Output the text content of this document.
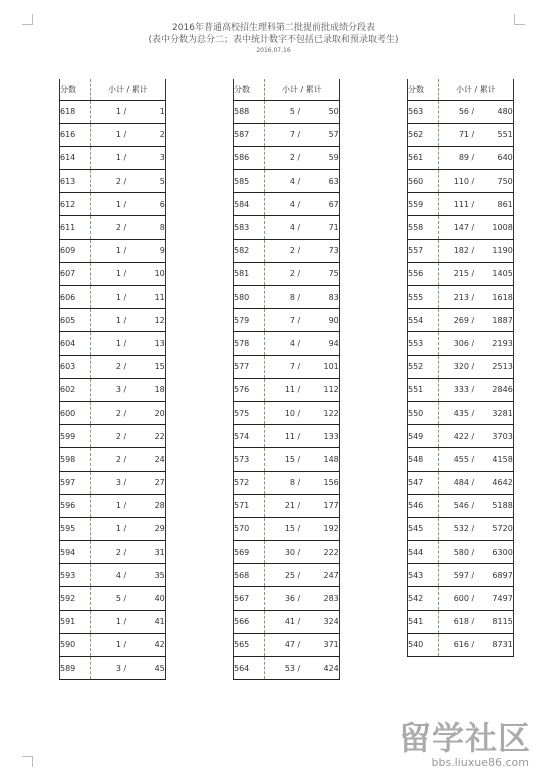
2016年普通高校招生理科第二批提前批成绩分段表
(表中分数为总分二；表中统计数字不包括已录取和预录取考生)
2016.07.16
分数	小计 / 累计
618	1 / 1
616	1 / 2
614	1 / 3
613	2 / 5
612	1 / 6
611	2 / 8
609	1 / 9
607	1 / 10
606	1 / 11
605	1 / 12
604	1 / 13
603	2 / 15
602	3 / 18
600	2 / 20
599	2 / 22
598	2 / 24
597	3 / 27
596	1 / 28
595	1 / 29
594	2 / 31
593	4 / 35
592	5 / 40
591	1 / 41
590	1 / 42
589	3 / 45
分数	小计 / 累计
588	5 / 50
587	7 / 57
586	2 / 59
585	4 / 63
584	4 / 67
583	4 / 71
582	2 / 73
581	2 / 75
580	8 / 83
579	7 / 90
578	4 / 94
577	7 / 101
576	11 / 112
575	10 / 122
574	11 / 133
573	15 / 148
572	8 / 156
571	21 / 177
570	15 / 192
569	30 / 222
568	25 / 247
567	36 / 283
566	41 / 324
565	47 / 371
564	53 / 424
分数	小计 / 累计
563	56 / 480
562	71 / 551
561	89 / 640
560	110 / 750
559	111 / 861
558	147 / 1008
557	182 / 1190
556	215 / 1405
555	213 / 1618
554	269 / 1887
553	306 / 2193
552	320 / 2513
551	333 / 2846
550	435 / 3281
549	422 / 3703
548	455 / 4158
547	484 / 4642
546	546 / 5188
545	532 / 5720
544	580 / 6300
543	597 / 6897
542	600 / 7497
541	618 / 8115
540	616 / 8731
留学社区
bbs.liuxue86.com
